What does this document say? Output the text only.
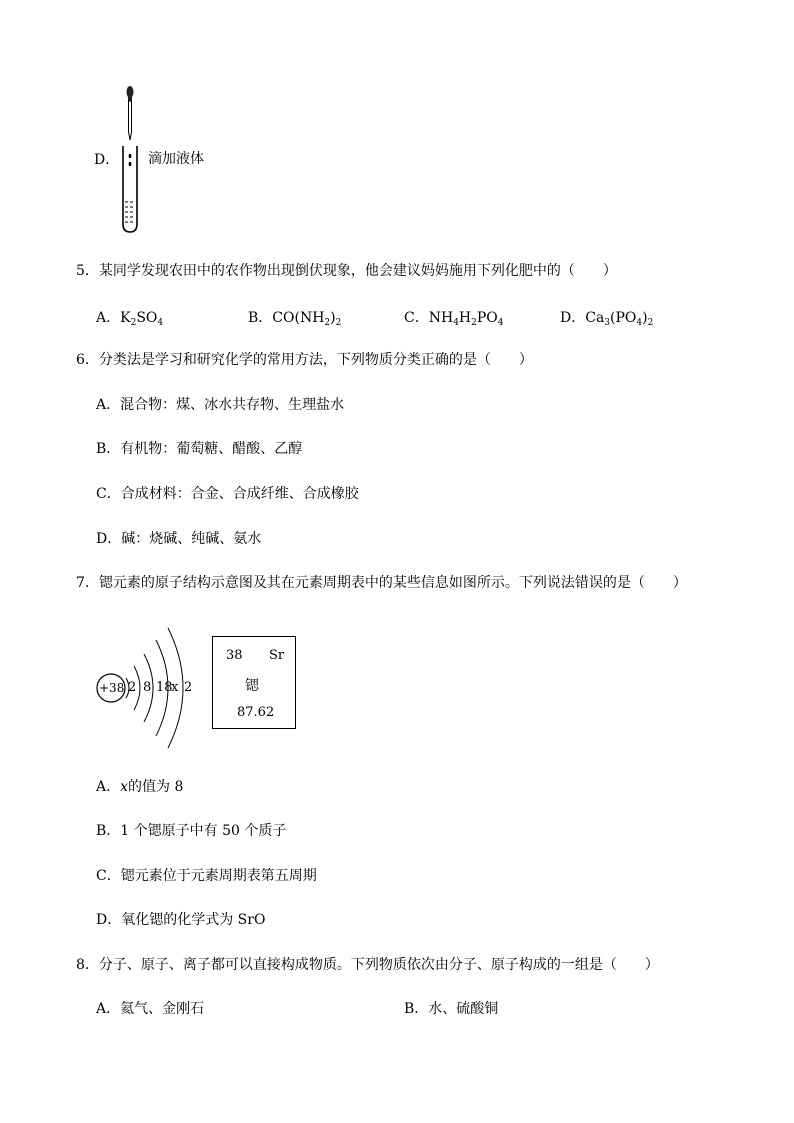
D． 滴加液体
5．某同学发现农田中的农作物出现倒伏现象，他会建议妈妈施用下列化肥中的（　　）
A．$K_2SO_4$	B．$CO(NH_2)_2$	C．$NH_4H_2PO_4$	D．$Ca_3(PO_4)_2$
6．分类法是学习和研究化学的常用方法，下列物质分类正确的是（　　）
A．混合物：煤、冰水共存物、生理盐水
B．有机物：葡萄糖、醋酸、乙醇
C．合成材料：合金、合成纤维、合成橡胶
D．碱：烧碱、纯碱、氨水
7．锶元素的原子结构示意图及其在元素周期表中的某些信息如图所示。下列说法错误的是（　　）
+38 2 8 18
x 2
38 Sr
锶
87.62
A．x的值为 8
B．1 个锶原子中有 50 个质子
C．锶元素位于元素周期表第五周期
D．氧化锶的化学式为 SrO
8．分子、原子、离子都可以直接构成物质。下列物质依次由分子、原子构成的一组是（　　）
A．氦气、金刚石	B．水、硫酸铜
